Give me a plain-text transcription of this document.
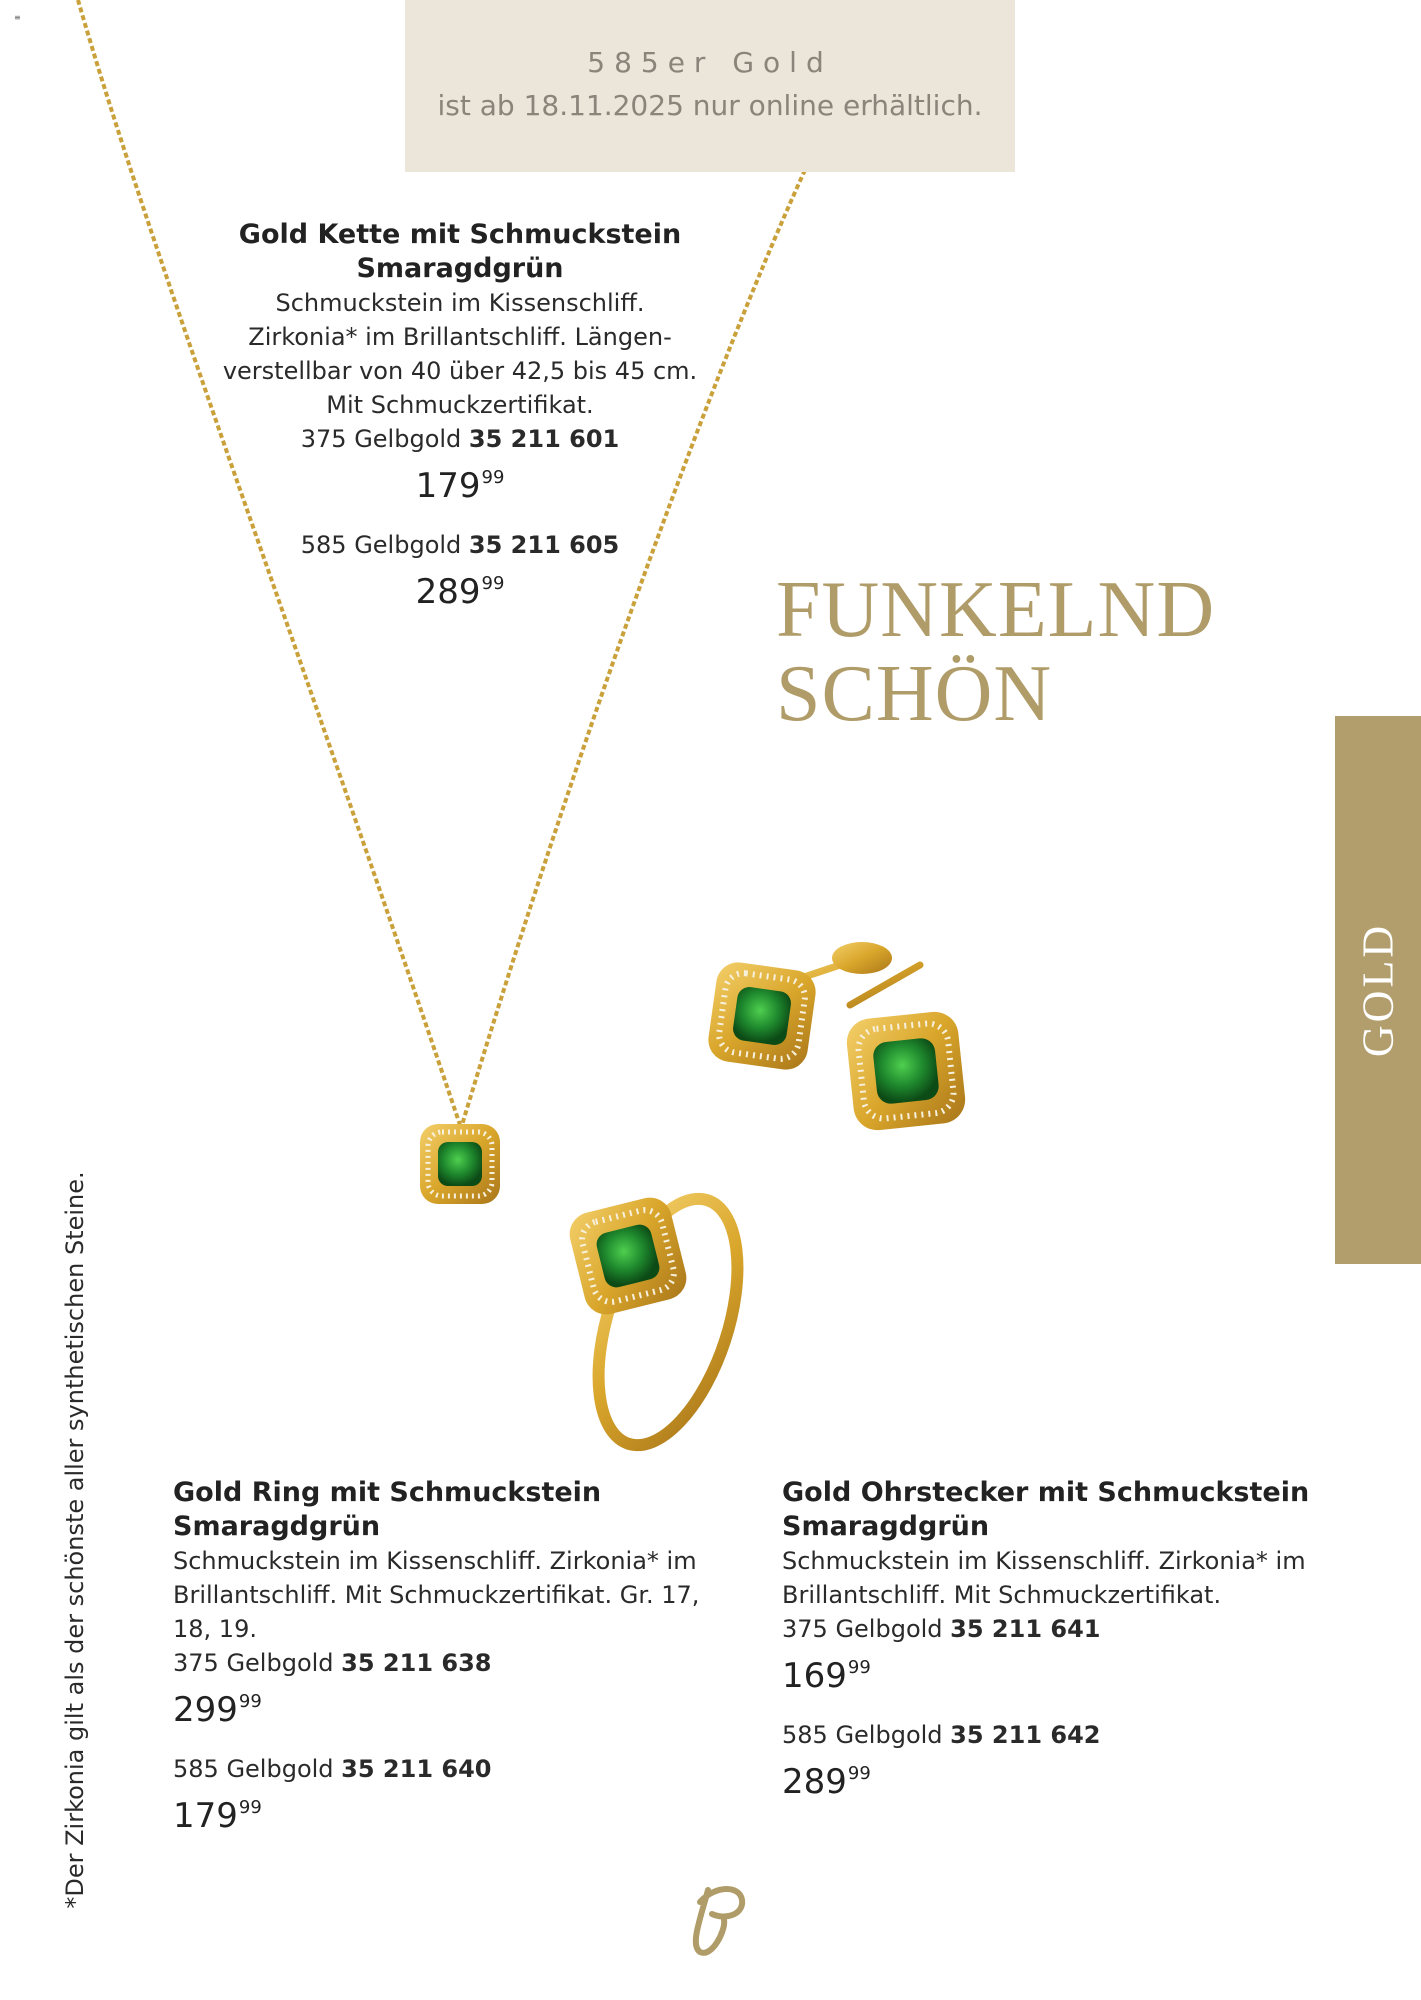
≡
585er Gold
ist ab 18.11.2025 nur online erhältlich.
Gold Kette mit Schmuckstein Smaragdgrün
Schmuckstein im Kissenschliff. Zirkonia* im Brillantschliff. Längen-verstellbar von 40 über 42,5 bis 45 cm. Mit Schmuckzertifikat.
375 Gelbgold 35 211 601
$179^{99}$
585 Gelbgold 35 211 605
$289^{99}$	FUNKELND
SCHÖN
GOLD
*Der Zirkonia gilt als der schönste aller synthetischen Steine.	Gold Ring mit Schmuckstein Smaragdgrün
Schmuckstein im Kissenschliff. Zirkonia* im Brillantschliff. Mit Schmuckzertifikat. Gr. 17, 18, 19.
375 Gelbgold 35 211 638
$299^{99}$
585 Gelbgold 35 211 640
$179^{99}$
Gold Ohrstecker mit Schmuckstein Smaragdgrün
Schmuckstein im Kissenschliff. Zirkonia* im Brillantschliff. Mit Schmuckzertifikat.
375 Gelbgold 35 211 641
$169^{99}$
585 Gelbgold 35 211 642
$289^{99}$
